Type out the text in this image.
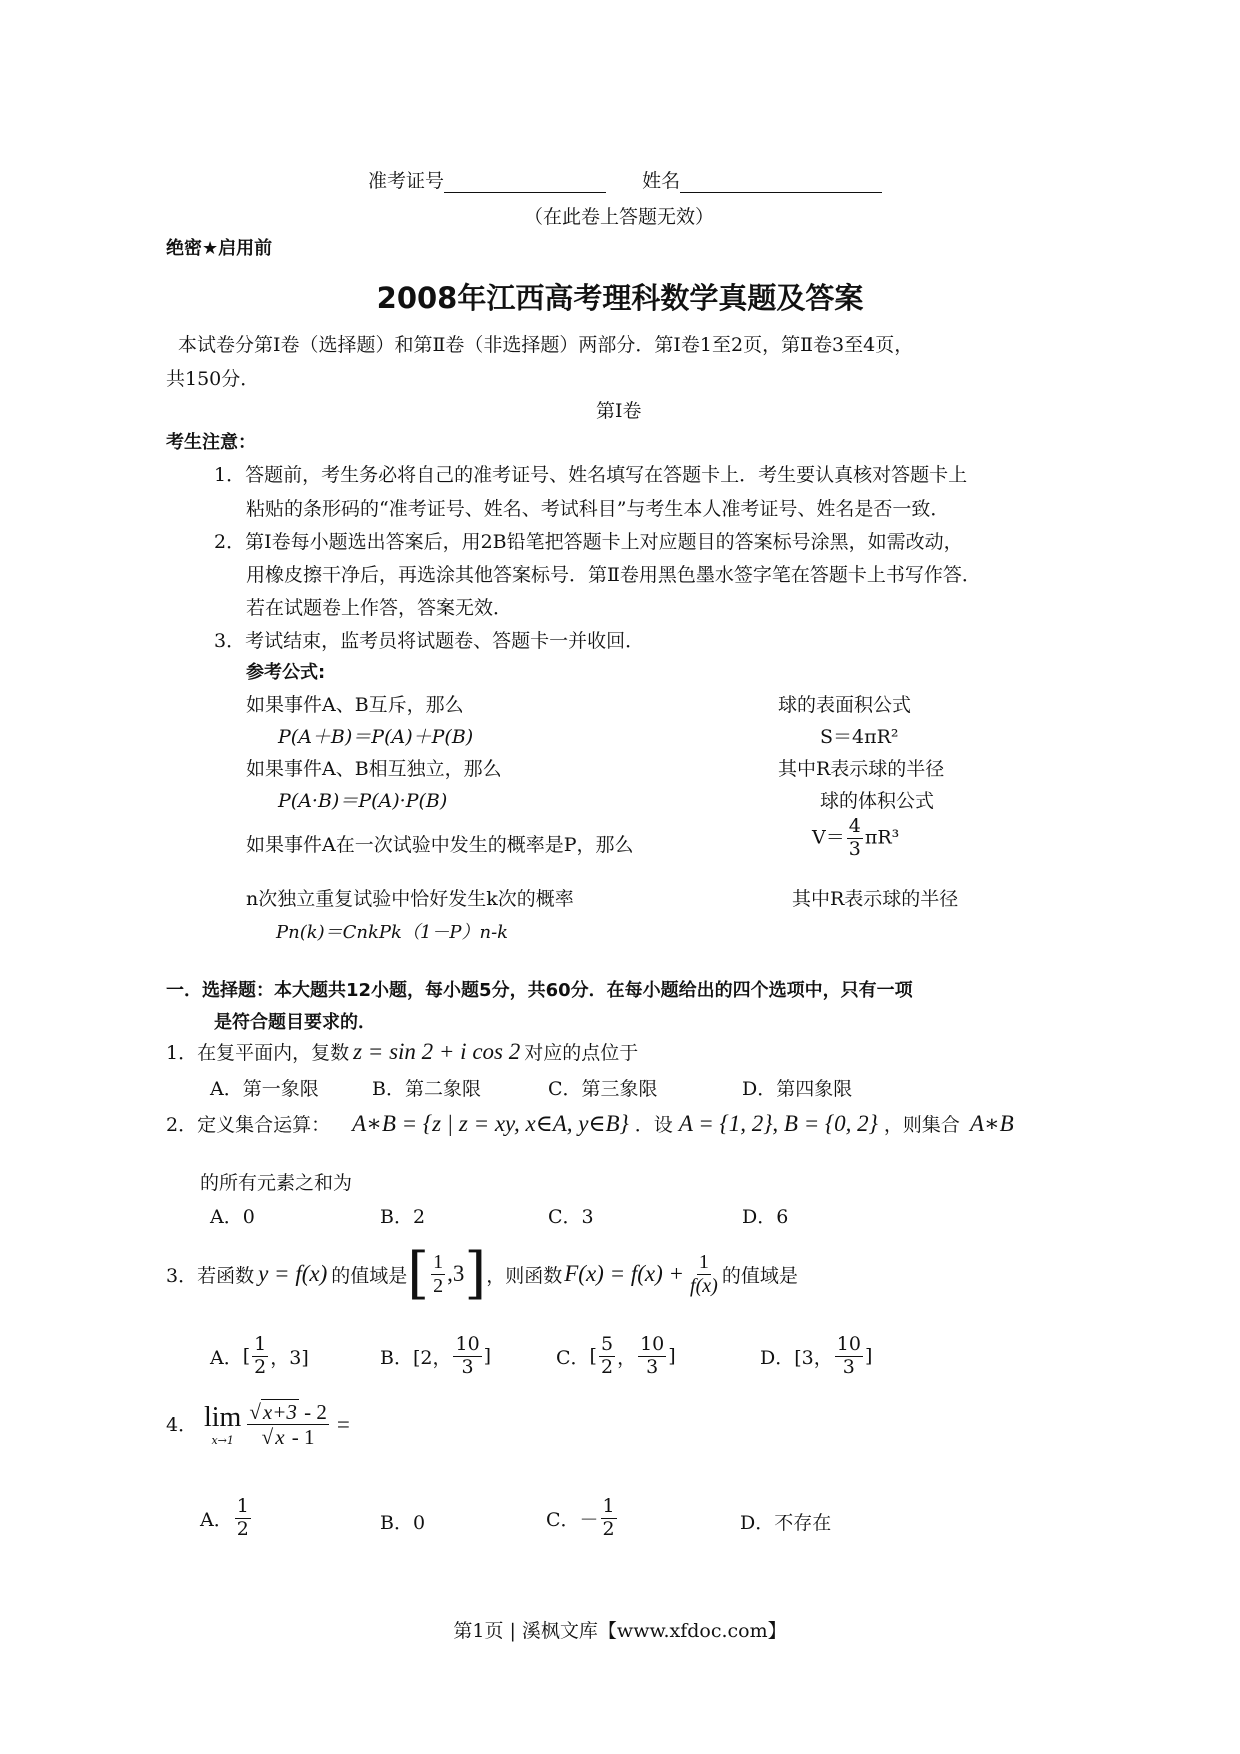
准考证号	姓名
（在此卷上答题无效）
绝密★启用前
2008年江西高考理科数学真题及答案
本试卷分第Ⅰ卷（选择题）和第Ⅱ卷（非选择题）两部分．第Ⅰ卷1至2页，第Ⅱ卷3至4页，
共150分．
第Ⅰ卷
考生注意：
1．答题前，考生务必将自己的准考证号、姓名填写在答题卡上．考生要认真核对答题卡上
粘贴的条形码的“准考证号、姓名、考试科目”与考生本人准考证号、姓名是否一致．
2．第Ⅰ卷每小题选出答案后，用2B铅笔把答题卡上对应题目的答案标号涂黑，如需改动，
用橡皮擦干净后，再选涂其他答案标号．第Ⅱ卷用黑色墨水签字笔在答题卡上书写作答．
若在试题卷上作答，答案无效．
3．考试结束，监考员将试题卷、答题卡一并收回．
参考公式:
如果事件A、B互斥，那么
P(A＋B)＝P(A)＋P(B)
如果事件A、B相互独立，那么
P(A·B)＝P(A)·P(B)
如果事件A在一次试验中发生的概率是P，那么
n次独立重复试验中恰好发生k次的概率
Pn(k)＝CnkPk（1－P）n-k
球的表面积公式
S＝4πR²
其中R表示球的半径
球的体积公式
$V= \frac{4}{3} \pi R^3$
其中R表示球的半径
一．选择题：本大题共12小题，每小题5分，共60分．在每小题给出的四个选项中，只有一项
是符合题目要求的．
1．在复平面内，复数 z = sin 2 + i cos 2 对应的点位于
A．第一象限	B．第二象限	C．第三象限	D．第四象限
2．定义集合运算： A∗B = {z | z = xy, x∈A, y∈B} ．设 A = {1, 2}, B = {0, 2} ，则集合 A∗B
的所有元素之和为
A．0	B．2	C．3	D．6
3．若函数 y = f(x) 的值域是 [ $\frac{1}{2} ,3$ ] ，则函数 $F(x) = f(x) + \frac{1}{f(x)}$ 的值域是
A． [ $\frac{1}{2}$ ，3]	B． [2， $\frac{10}{3}$ ]	C． [ $\frac{5}{2}$ ， $\frac{10}{3}$ ]	D． [3， $\frac{10}{3}$ ]
4． lim
$x\to 1 \frac{√x+3 - 2}{√x - 1}$ =
A． $\frac{1}{2}$	B．0	C．－ $\frac{1}{2}$	D．不存在
第1页 | 溪枫文库【www.xfdoc.com】
